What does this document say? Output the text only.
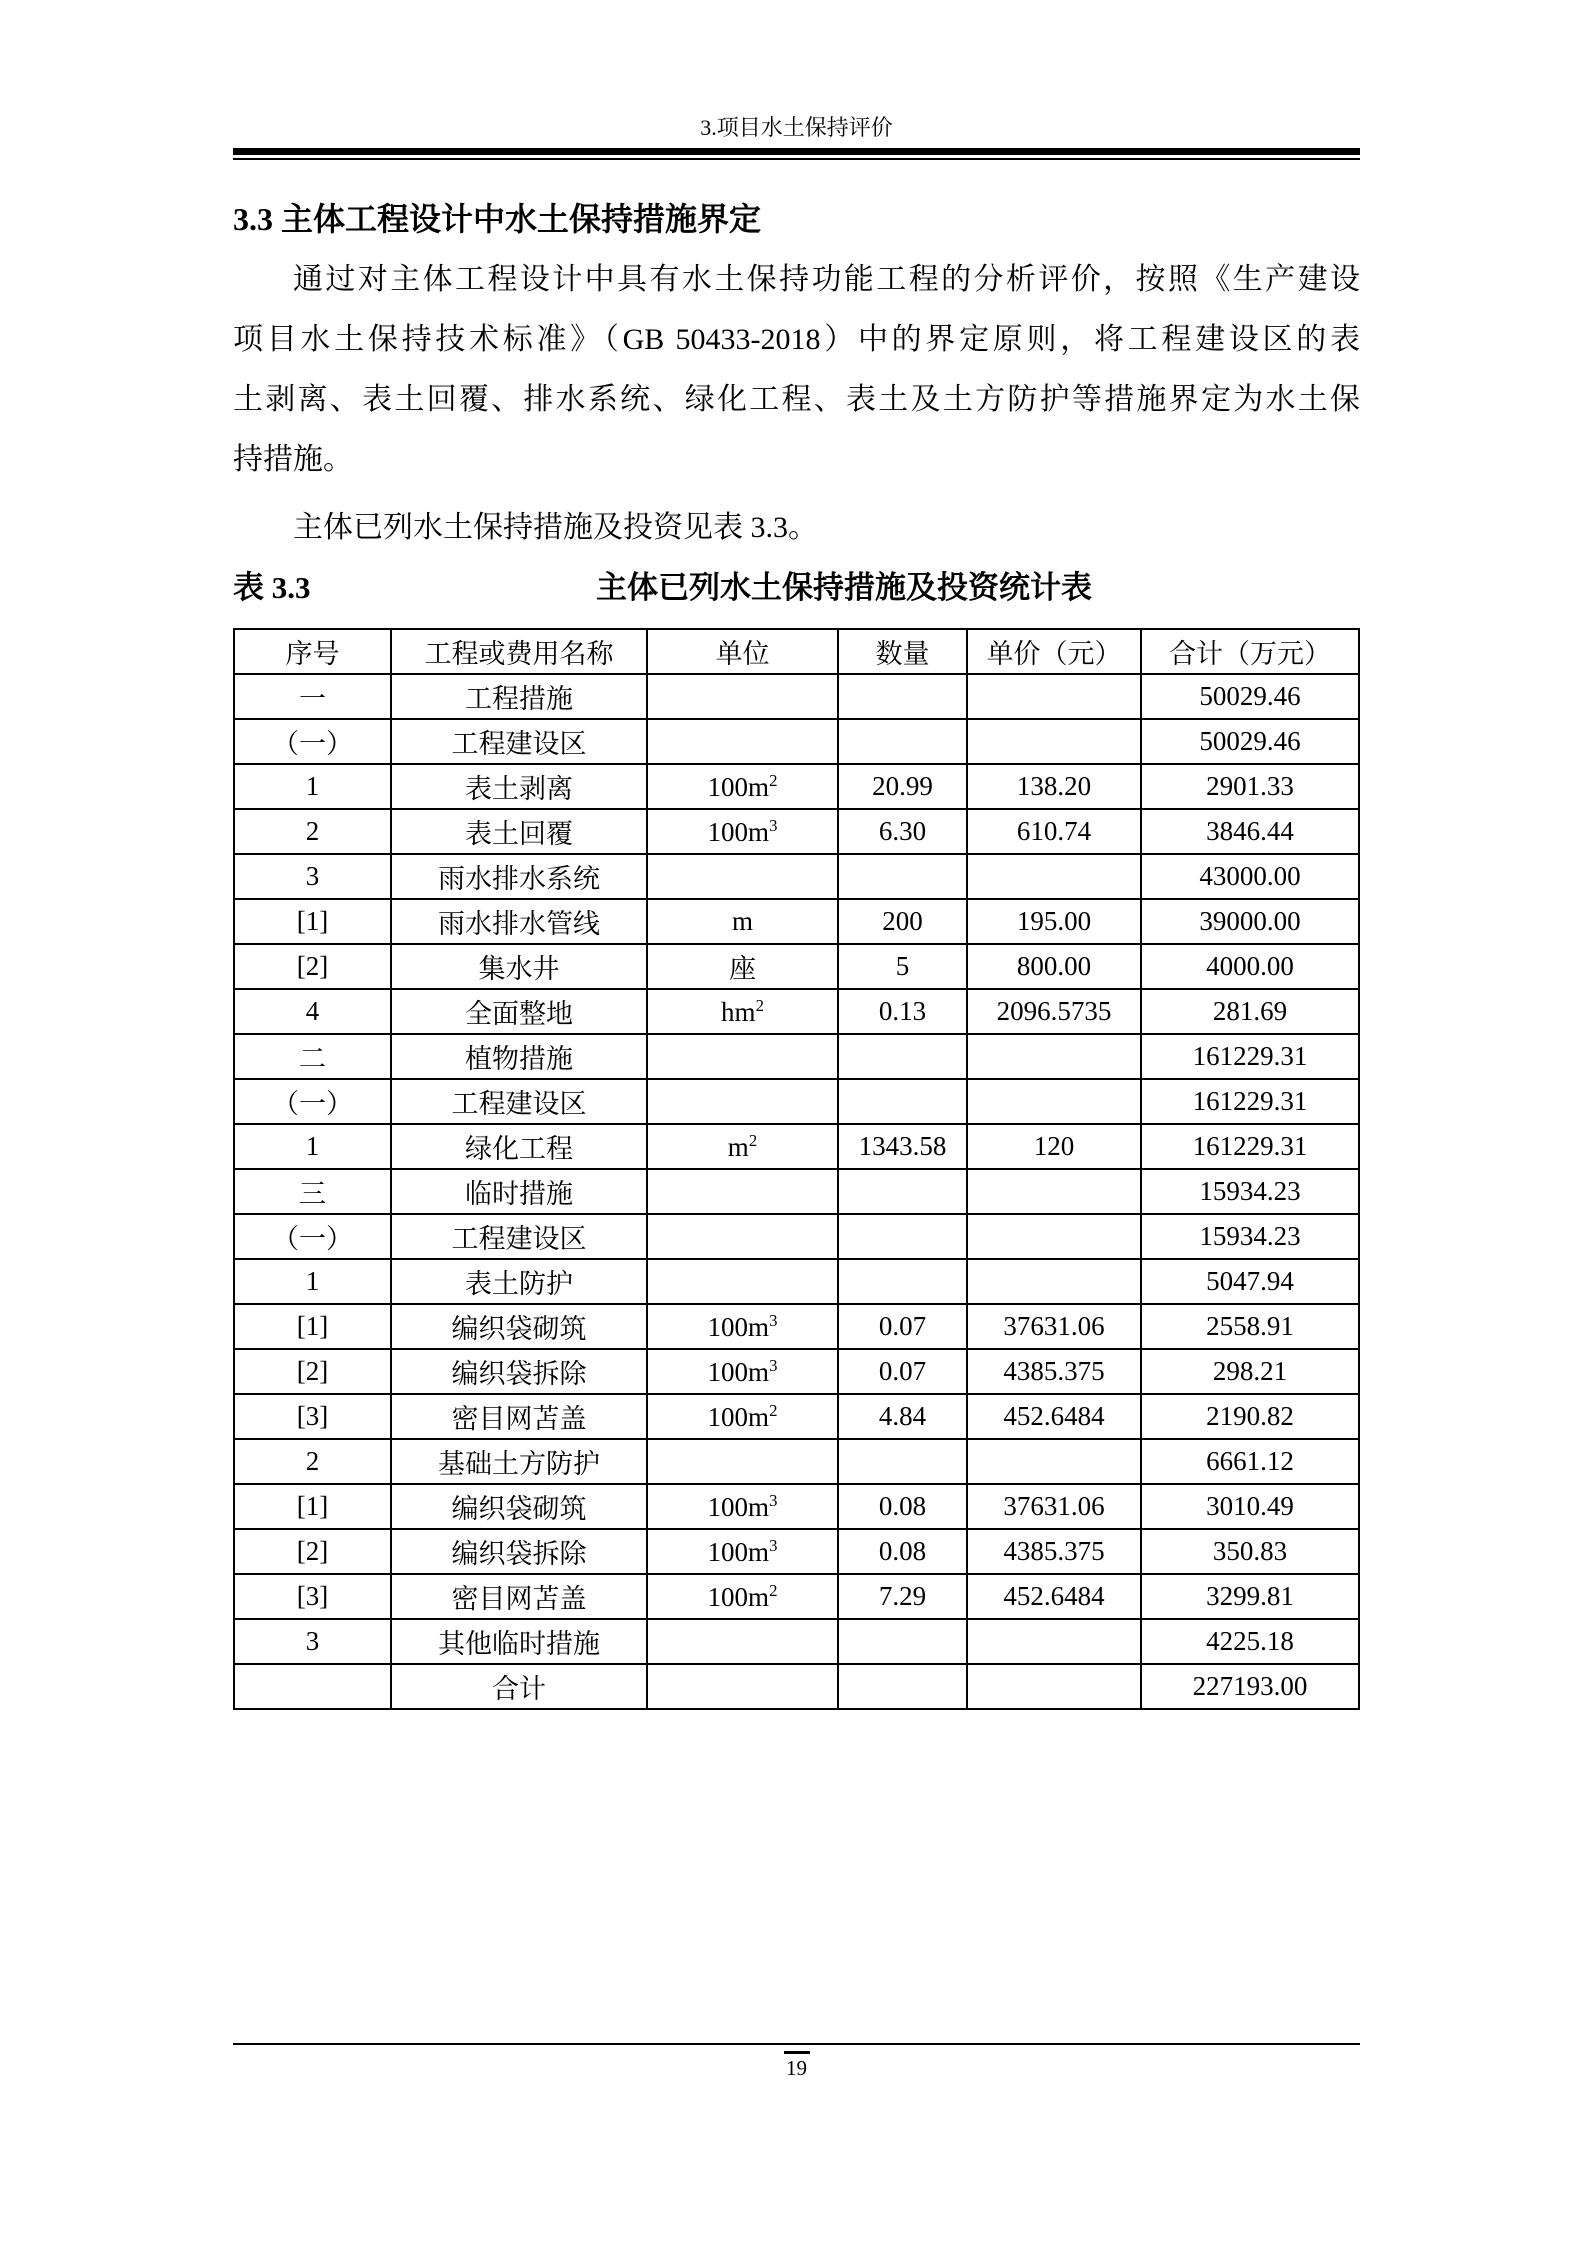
3.项目水土保持评价
3.3 主体工程设计中水土保持措施界定
通过对主体工程设计中具有水土保持功能工程的分析评价，按照《生产建设
项目水土保持技术标准》（GB 50433-2018）中的界定原则，将工程建设区的表
土剥离、表土回覆、排水系统、绿化工程、表土及土方防护等措施界定为水土保
持措施。
主体已列水土保持措施及投资见表 3.3。
表 3.3	主体已列水土保持措施及投资统计表
序号	工程或费用名称	单位	数量	单价（元）	合计（万元）
一	工程措施				50029.46
（一）	工程建设区				50029.46
1	表土剥离	$100m^2$	20.99	138.20	2901.33
2	表土回覆	$100m^3$	6.30	610.74	3846.44
3	雨水排水系统				43000.00
[1]	雨水排水管线	m	200	195.00	39000.00
[2]	集水井	座	5	800.00	4000.00
4	全面整地	$hm^2$	0.13	2096.5735	281.69
二	植物措施				161229.31
（一）	工程建设区				161229.31
1	绿化工程	$m^2$	1343.58	120	161229.31
三	临时措施				15934.23
（一）	工程建设区				15934.23
1	表土防护				5047.94
[1]	编织袋砌筑	$100m^3$	0.07	37631.06	2558.91
[2]	编织袋拆除	$100m^3$	0.07	4385.375	298.21
[3]	密目网苫盖	$100m^2$	4.84	452.6484	2190.82
2	基础土方防护				6661.12
[1]	编织袋砌筑	$100m^3$	0.08	37631.06	3010.49
[2]	编织袋拆除	$100m^3$	0.08	4385.375	350.83
[3]	密目网苫盖	$100m^2$	7.29	452.6484	3299.81
3	其他临时措施				4225.18
	合计				227193.00
19
